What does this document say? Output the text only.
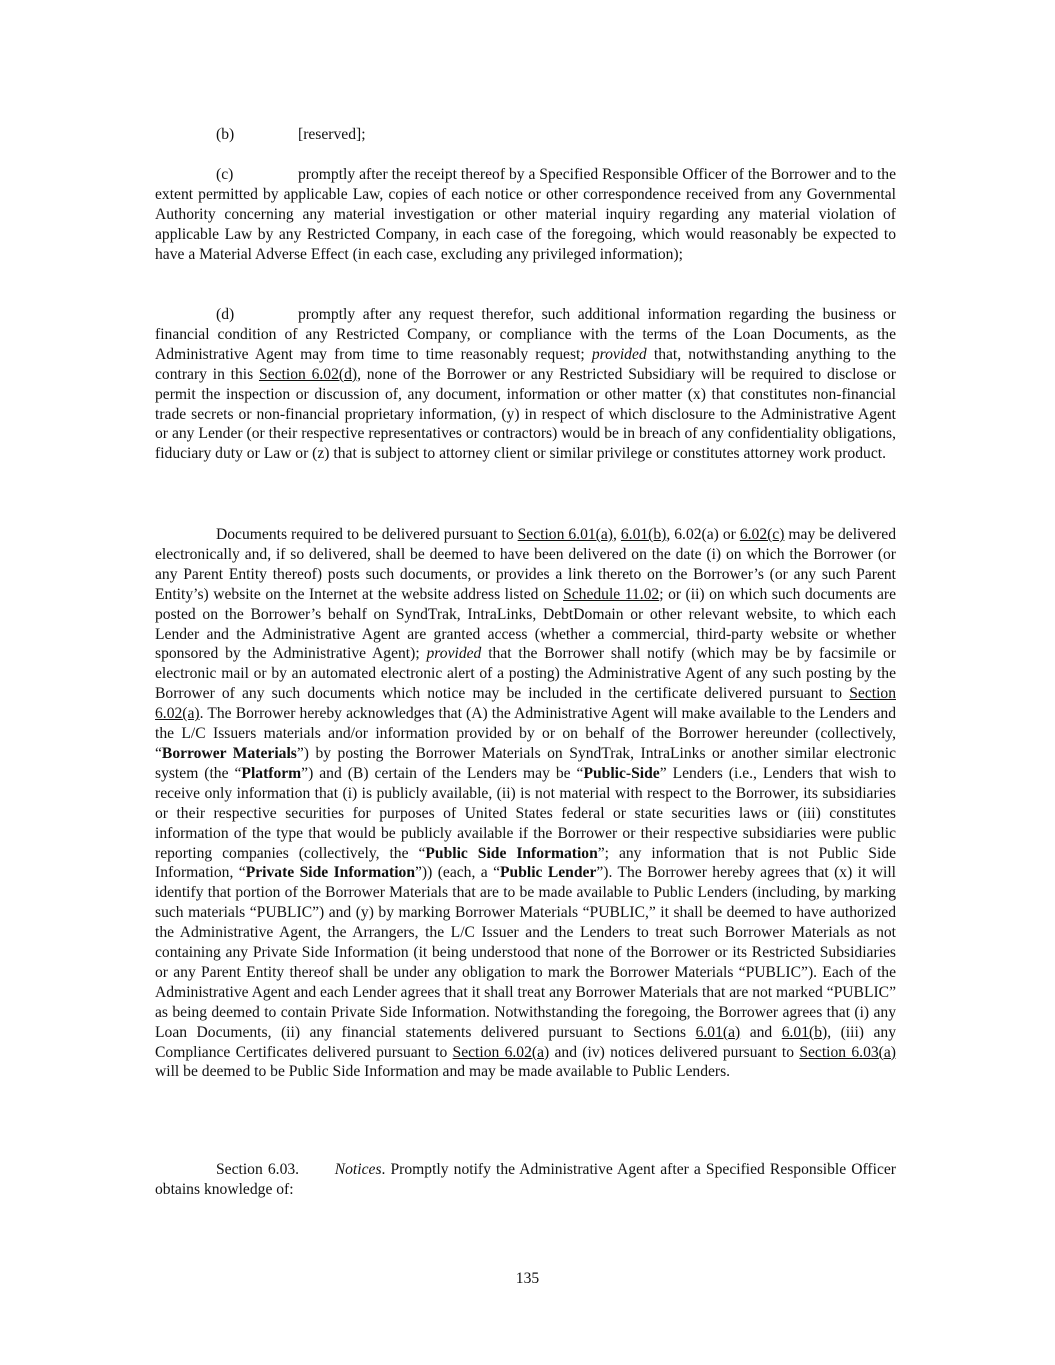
(b)	[reserved];

(c)	promptly after the receipt thereof by a Specified Responsible Officer of the Borrower and to the extent permitted by applicable Law, copies of each notice or other correspondence received from any Governmental Authority concerning any material investigation or other material inquiry regarding any material violation of applicable Law by any Restricted Company, in each case of the foregoing, which would reasonably be expected to have a Material Adverse Effect (in each case, excluding any privileged information);

(d)	promptly after any request therefor, such additional information regarding the business or financial condition of any Restricted Company, or compliance with the terms of the Loan Documents, as the Administrative Agent may from time to time reasonably request; provided that, notwithstanding anything to the contrary in this Section 6.02(d), none of the Borrower or any Restricted Subsidiary will be required to disclose or permit the inspection or discussion of, any document, information or other matter (x) that constitutes non-financial trade secrets or non-financial proprietary information, (y) in respect of which disclosure to the Administrative Agent or any Lender (or their respective representatives or contractors) would be in breach of any confidentiality obligations, fiduciary duty or Law or (z) that is subject to attorney client or similar privilege or constitutes attorney work product.

Documents required to be delivered pursuant to Section 6.01(a), 6.01(b), 6.02(a) or 6.02(c) may be delivered electronically and, if so delivered, shall be deemed to have been delivered on the date (i) on which the Borrower (or any Parent Entity thereof) posts such documents, or provides a link thereto on the Borrower’s (or any such Parent Entity’s) website on the Internet at the website address listed on Schedule 11.02; or (ii) on which such documents are posted on the Borrower’s behalf on SyndTrak, IntraLinks, DebtDomain or other relevant website, to which each Lender and the Administrative Agent are granted access (whether a commercial, third-party website or whether sponsored by the Administrative Agent); provided that the Borrower shall notify (which may be by facsimile or electronic mail or by an automated electronic alert of a posting) the Administrative Agent of any such posting by the Borrower of any such documents which notice may be included in the certificate delivered pursuant to Section 6.02(a). The Borrower hereby acknowledges that (A) the Administrative Agent will make available to the Lenders and the L/C Issuers materials and/or information provided by or on behalf of the Borrower hereunder (collectively, “Borrower Materials”) by posting the Borrower Materials on SyndTrak, IntraLinks or another similar electronic system (the “Platform”) and (B) certain of the Lenders may be “Public-Side” Lenders (i.e., Lenders that wish to receive only information that (i) is publicly available, (ii) is not material with respect to the Borrower, its subsidiaries or their respective securities for purposes of United States federal or state securities laws or (iii) constitutes information of the type that would be publicly available if the Borrower or their respective subsidiaries were public reporting companies (collectively, the “Public Side Information”; any information that is not Public Side Information, “Private Side Information”)) (each, a “Public Lender”). The Borrower hereby agrees that (x) it will identify that portion of the Borrower Materials that are to be made available to Public Lenders (including, by marking such materials “PUBLIC”) and (y) by marking Borrower Materials “PUBLIC,” it shall be deemed to have authorized the Administrative Agent, the Arrangers, the L/C Issuer and the Lenders to treat such Borrower Materials as not containing any Private Side Information (it being understood that none of the Borrower or its Restricted Subsidiaries or any Parent Entity thereof shall be under any obligation to mark the Borrower Materials “PUBLIC”). Each of the Administrative Agent and each Lender agrees that it shall treat any Borrower Materials that are not marked “PUBLIC” as being deemed to contain Private Side Information. Notwithstanding the foregoing, the Borrower agrees that (i) any Loan Documents, (ii) any financial statements delivered pursuant to Sections 6.01(a) and 6.01(b), (iii) any Compliance Certificates delivered pursuant to Section 6.02(a) and (iv) notices delivered pursuant to Section 6.03(a) will be deemed to be Public Side Information and may be made available to Public Lenders.

Section 6.03. Notices. Promptly notify the Administrative Agent after a Specified Responsible Officer obtains knowledge of:

135
